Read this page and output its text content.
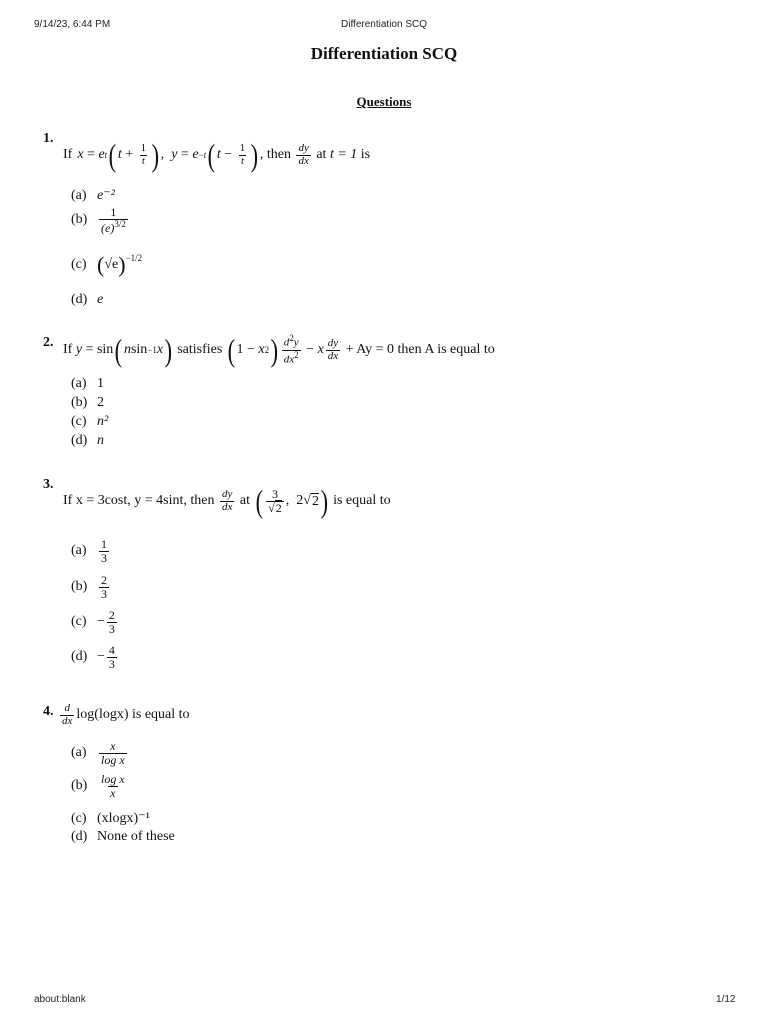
9/14/23, 6:44 PM	Differentiation SCQ
about:blank	1/12
Differentiation SCQ
Questions
1.
If x = e t ( $t + \frac{1}{t}$ ) , y = e −t ( $t - \frac{1}{t}$ ) , then
$\frac{dy}{dx}$
at
t = 1
is
(a) e⁻²
$(b) \frac{1}{(e)^{3/2}}$
(c) ( √e )$^{-1/2}$
(d) e
2. If
y = sin ( n sin −1 x )
satisfies
( 1 − x 2 ) $\frac{d^2y}{dx^2} - x \frac{dy}{dx}$
+ Ay = 0 then A is equal to
(a) 1
(b) 2
(c) n²
(d) n
3.
If x = 3cost, y = 4sint, then
$\frac{dy}{dx}$
at
( $\frac{3}{√2}$ ,  2√ 2 )
is equal to
(a)	$\frac{1}{3}$
$(b) \frac{2}{3}$
$(c) - \frac{2}{3}$
$(d) - \frac{4}{3}$
4. $\frac{d}{dx} \log(\log x)$ is equal to
(a)	$\frac{x}{\text{log x}}$
$(b) \frac{\text{log x}}{x}$
(c) (xlogx)⁻¹
(d) None of these
